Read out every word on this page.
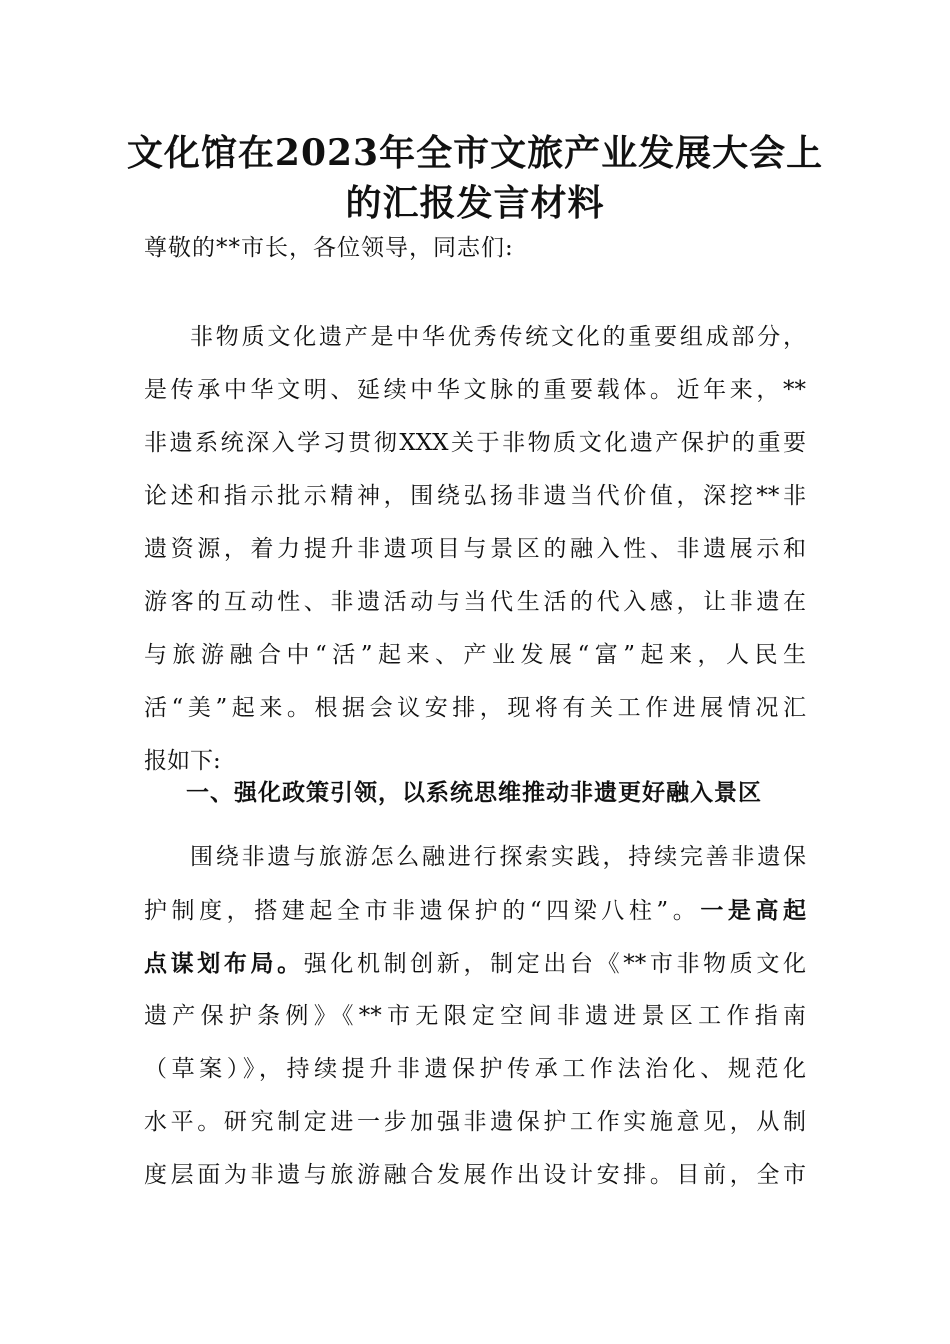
文化馆在2023年全市文旅产业发展大会上
的汇报发言材料
尊敬的**市长，各位领导，同志们:
非物质文化遗产是中华优秀传统文化的重要组成部分，
是传承中华文明、延续中华文脉的重要载体。近年来，**
非遗系统深入学习贯彻XXX关于非物质文化遗产保护的重要
论述和指示批示精神，围绕弘扬非遗当代价值，深挖**非
遗资源，着力提升非遗项目与景区的融入性、非遗展示和
游客的互动性、非遗活动与当代生活的代入感，让非遗在
与旅游融合中“活”起来、产业发展“富”起来，人民生
活“美”起来。根据会议安排，现将有关工作进展情况汇
报如下:
一、强化政策引领，以系统思维推动非遗更好融入景区
围绕非遗与旅游怎么融进行探索实践，持续完善非遗保
护制度，搭建起全市非遗保护的“四梁八柱”。一是高起
点谋划布局。强化机制创新，制定出台《**市非物质文化
遗产保护条例》《**市无限定空间非遗进景区工作指南
（草案）》，持续提升非遗保护传承工作法治化、规范化
水平。研究制定进一步加强非遗保护工作实施意见，从制
度层面为非遗与旅游融合发展作出设计安排。目前，全市
